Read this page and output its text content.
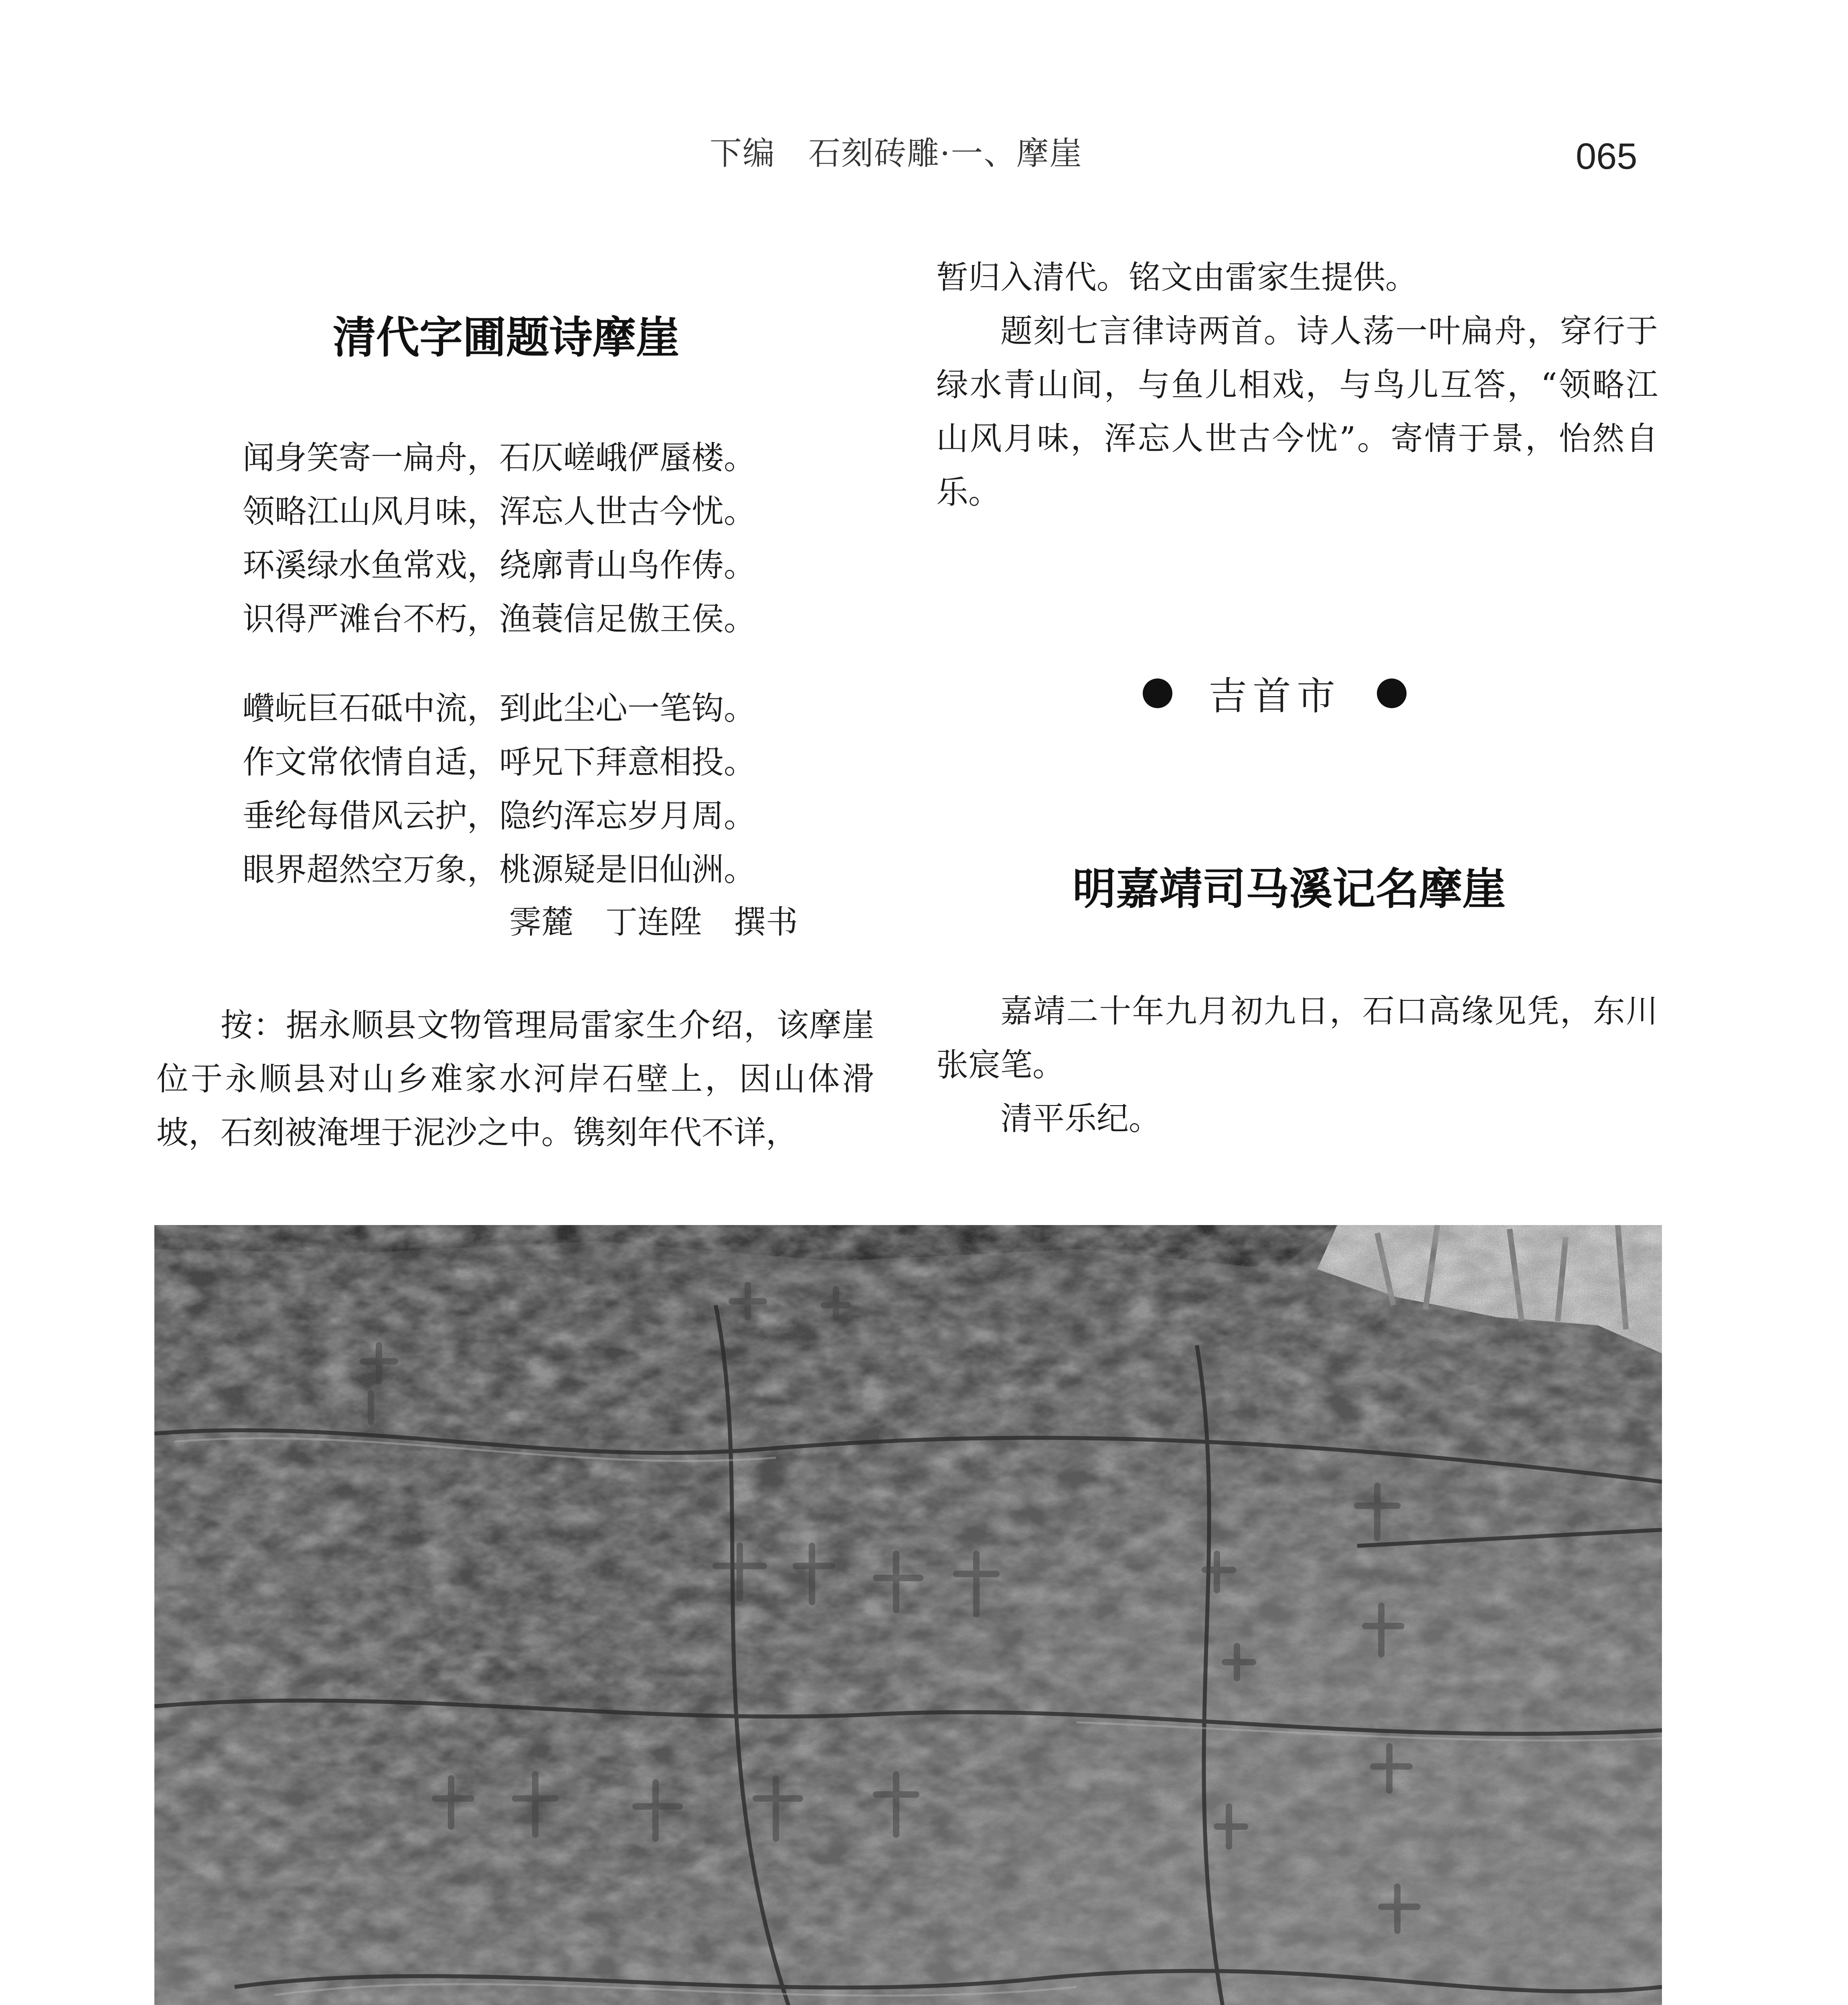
下编　石刻砖雕·一、摩崖	065
清代字圃题诗摩崖
闻身笑寄一扁舟，石仄嵯峨俨蜃楼。
领略江山风月味，浑忘人世古今忧。
环溪绿水鱼常戏，绕廓青山鸟作俦。
识得严滩台不朽，渔蓑信足傲王侯。
巑岏巨石砥中流，到此尘心一笔钩。
作文常依情自适，呼兄下拜意相投。
垂纶每借风云护，隐约浑忘岁月周。
眼界超然空万象，桃源疑是旧仙洲。
霁麓　丁连陞　撰书

按：据永顺县文物管理局雷家生介绍，该摩崖位于永顺县对山乡难家水河岸石壁上，因山体滑坡，石刻被淹埋于泥沙之中。镌刻年代不详，

暂归入清代。铭文由雷家生提供。

题刻七言律诗两首。诗人荡一叶扁舟，穿行于绿水青山间，与鱼儿相戏，与鸟儿互答，“领略江山风月味，浑忘人世古今忧”。寄情于景，怡然自乐。

吉首市
明嘉靖司马溪记名摩崖

嘉靖二十年九月初九日，石口高缘见凭，东川张宸笔。

清平乐纪。
